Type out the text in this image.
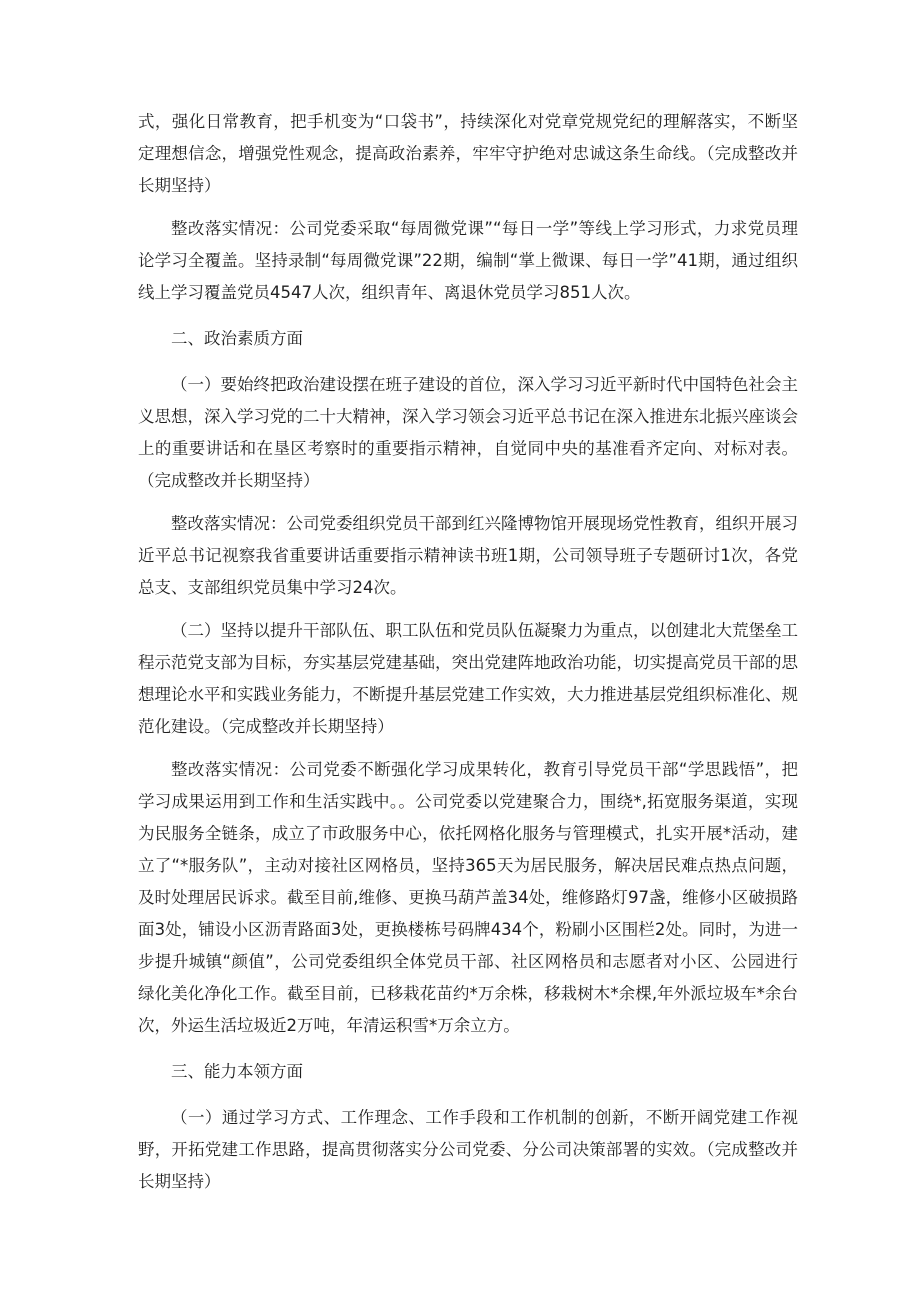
式，强化日常教育，把手机变为“口袋书”，持续深化对党章党规党纪的理解落实，不断坚定理想信念，增强党性观念，提高政治素养，牢牢守护绝对忠诚这条生命线。（完成整改并长期坚持）

整改落实情况：公司党委采取“每周微党课”“每日一学”等线上学习形式，力求党员理论学习全覆盖。坚持录制“每周微党课”22期，编制“掌上微课、每日一学”41期，通过组织线上学习覆盖党员4547人次，组织青年、离退休党员学习851人次。

二、政治素质方面

（一）要始终把政治建设摆在班子建设的首位，深入学习习近平新时代中国特色社会主义思想，深入学习党的二十大精神，深入学习领会习近平总书记在深入推进东北振兴座谈会上的重要讲话和在垦区考察时的重要指示精神，自觉同中央的基准看齐定向、对标对表。（完成整改并长期坚持）

整改落实情况：公司党委组织党员干部到红兴隆博物馆开展现场党性教育，组织开展习近平总书记视察我省重要讲话重要指示精神读书班1期，公司领导班子专题研讨1次，各党总支、支部组织党员集中学习24次。

（二）坚持以提升干部队伍、职工队伍和党员队伍凝聚力为重点，以创建北大荒堡垒工程示范党支部为目标，夯实基层党建基础，突出党建阵地政治功能，切实提高党员干部的思想理论水平和实践业务能力，不断提升基层党建工作实效，大力推进基层党组织标准化、规范化建设。（完成整改并长期坚持）

整改落实情况：公司党委不断强化学习成果转化，教育引导党员干部“学思践悟”，把学习成果运用到工作和生活实践中。。公司党委以党建聚合力，围绕*,拓宽服务渠道，实现为民服务全链条，成立了市政服务中心，依托网格化服务与管理模式，扎实开展*活动，建立了“*服务队”，主动对接社区网格员，坚持365天为居民服务，解决居民难点热点问题，及时处理居民诉求。截至目前,维修、更换马葫芦盖34处，维修路灯97盏，维修小区破损路面3处，铺设小区沥青路面3处，更换楼栋号码牌434个，粉刷小区围栏2处。同时，为进一步提升城镇“颜值”，公司党委组织全体党员干部、社区网格员和志愿者对小区、公园进行绿化美化净化工作。截至目前，已移栽花苗约*万余株，移栽树木*余棵,年外派垃圾车*余台次，外运生活垃圾近2万吨，年清运积雪*万余立方。

三、能力本领方面

（一）通过学习方式、工作理念、工作手段和工作机制的创新，不断开阔党建工作视野，开拓党建工作思路，提高贯彻落实分公司党委、分公司决策部署的实效。（完成整改并长期坚持）
